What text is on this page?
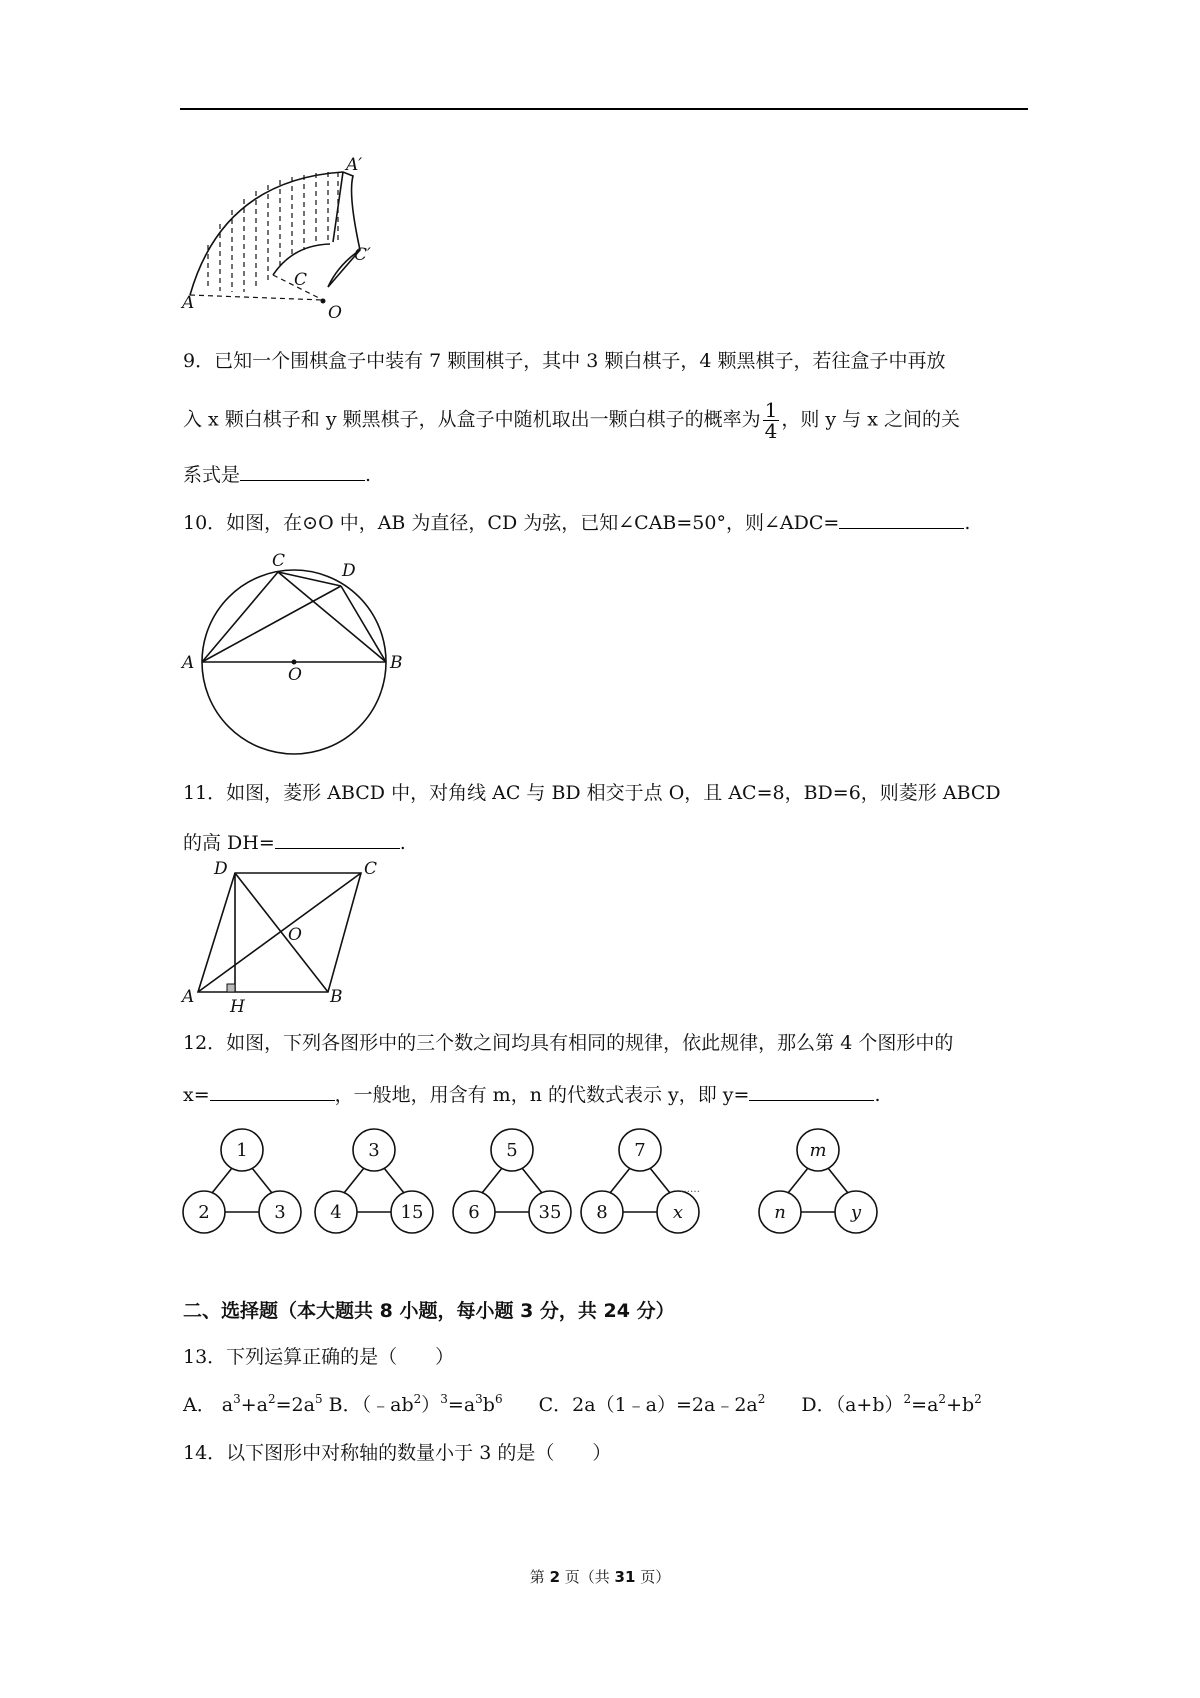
A′
C′
C
A	O
9．已知一个围棋盒子中装有 7 颗围棋子，其中 3 颗白棋子，4 颗黑棋子，若往盒子中再放
入 x 颗白棋子和 y 颗黑棋子，从盒子中随机取出一颗白棋子的概率为 $\frac{1}{4}$ ，则 y 与 x 之间的关
系式是	.
10．如图，在⊙O 中，AB 为直径，CD 为弦，已知∠CAB=50°，则∠ADC=	.
C	D
A	B
O
11．如图，菱形 ABCD 中，对角线 AC 与 BD 相交于点 O，且 AC=8，BD=6，则菱形 ABCD
的高 DH=	.
D	C
O
A H	B
12．如图，下列各图形中的三个数之间均具有相同的规律，依此规律，那么第 4 个图形中的
x=	，一般地，用含有 m，n 的代数式表示 y，即 y=	.
1
2	3
3
4	15
5
6	35
7
8	x
m
n	y
……
二、选择题（本大题共 8 小题，每小题 3 分，共 24 分）
13．下列运算正确的是（　　）
A． $a^3+a^2=2a^5$ B．$(﹣ab^2)^3=a^3b^6$ C．$2a(1﹣a)=2a﹣2a^2$ D．$(a+b)^2=a^2+b^2$
14．以下图形中对称轴的数量小于 3 的是（　　）
第 2 页（共 31 页）
